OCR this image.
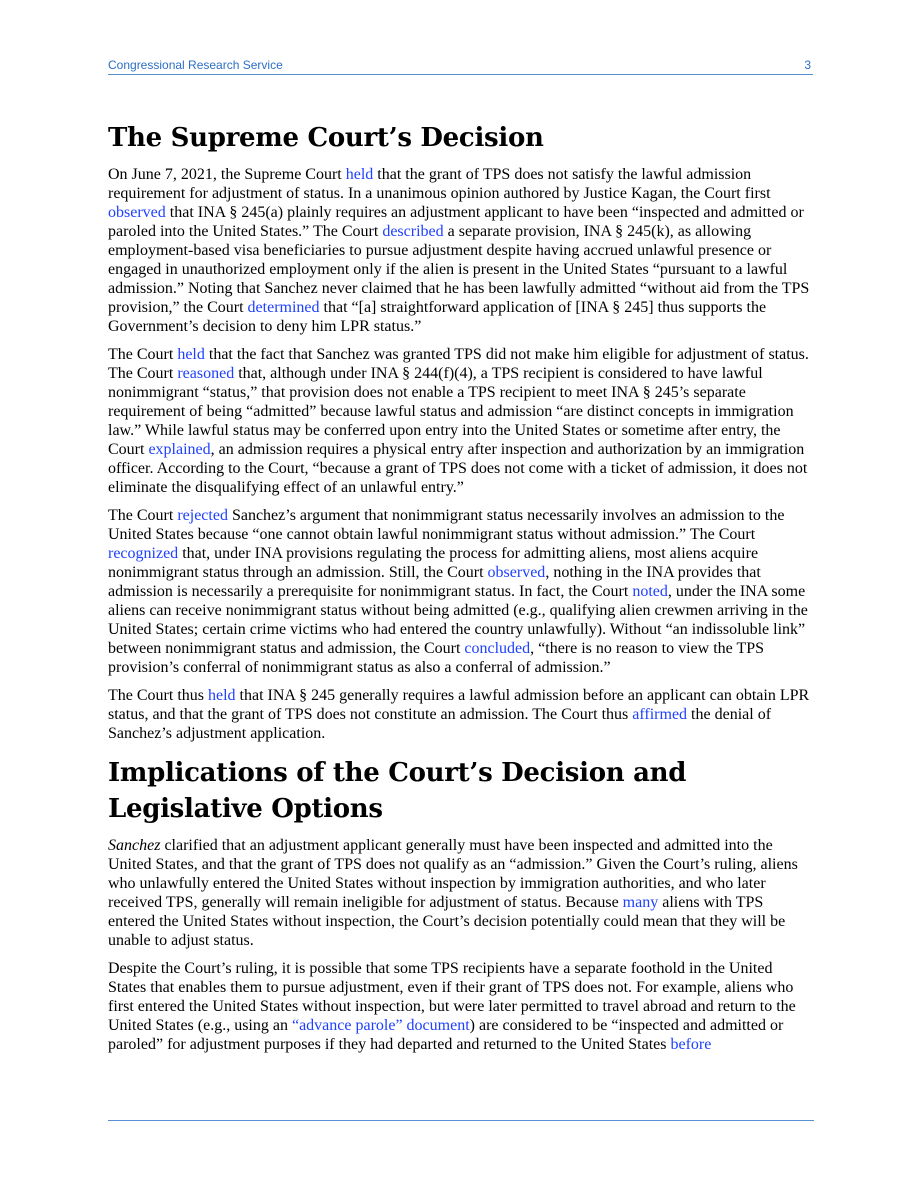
Congressional Research Service	3
The Supreme Court’s Decision

On June 7, 2021, the Supreme Court held that the grant of TPS does not satisfy the lawful admission requirement for adjustment of status. In a unanimous opinion authored by Justice Kagan, the Court first observed that INA § 245(a) plainly requires an adjustment applicant to have been “inspected and admitted or paroled into the United States.” The Court described a separate provision, INA § 245(k), as allowing employment-based visa beneficiaries to pursue adjustment despite having accrued unlawful presence or engaged in unauthorized employment only if the alien is present in the United States “pursuant to a lawful admission.” Noting that Sanchez never claimed that he has been lawfully admitted “without aid from the TPS provision,” the Court determined that “[a] straightforward application of [INA § 245] thus supports the Government’s decision to deny him LPR status.”

The Court held that the fact that Sanchez was granted TPS did not make him eligible for adjustment of status. The Court reasoned that, although under INA § 244(f)(4), a TPS recipient is considered to have lawful nonimmigrant “status,” that provision does not enable a TPS recipient to meet INA § 245’s separate requirement of being “admitted” because lawful status and admission “are distinct concepts in immigration law.” While lawful status may be conferred upon entry into the United States or sometime after entry, the Court explained, an admission requires a physical entry after inspection and authorization by an immigration officer. According to the Court, “because a grant of TPS does not come with a ticket of admission, it does not eliminate the disqualifying effect of an unlawful entry.”

The Court rejected Sanchez’s argument that nonimmigrant status necessarily involves an admission to the United States because “one cannot obtain lawful nonimmigrant status without admission.” The Court recognized that, under INA provisions regulating the process for admitting aliens, most aliens acquire nonimmigrant status through an admission. Still, the Court observed, nothing in the INA provides that admission is necessarily a prerequisite for nonimmigrant status. In fact, the Court noted, under the INA some aliens can receive nonimmigrant status without being admitted (e.g., qualifying alien crewmen arriving in the United States; certain crime victims who had entered the country unlawfully). Without “an indissoluble link” between nonimmigrant status and admission, the Court concluded, “there is no reason to view the TPS provision’s conferral of nonimmigrant status as also a conferral of admission.”

The Court thus held that INA § 245 generally requires a lawful admission before an applicant can obtain LPR status, and that the grant of TPS does not constitute an admission. The Court thus affirmed the denial of Sanchez’s adjustment application.

Implications of the Court’s Decision and Legislative Options

Sanchez clarified that an adjustment applicant generally must have been inspected and admitted into the United States, and that the grant of TPS does not qualify as an “admission.” Given the Court’s ruling, aliens who unlawfully entered the United States without inspection by immigration authorities, and who later received TPS, generally will remain ineligible for adjustment of status. Because many aliens with TPS entered the United States without inspection, the Court’s decision potentially could mean that they will be unable to adjust status.

Despite the Court’s ruling, it is possible that some TPS recipients have a separate foothold in the United States that enables them to pursue adjustment, even if their grant of TPS does not. For example, aliens who first entered the United States without inspection, but were later permitted to travel abroad and return to the United States (e.g., using an “advance parole” document) are considered to be “inspected and admitted or paroled” for adjustment purposes if they had departed and returned to the United States before
